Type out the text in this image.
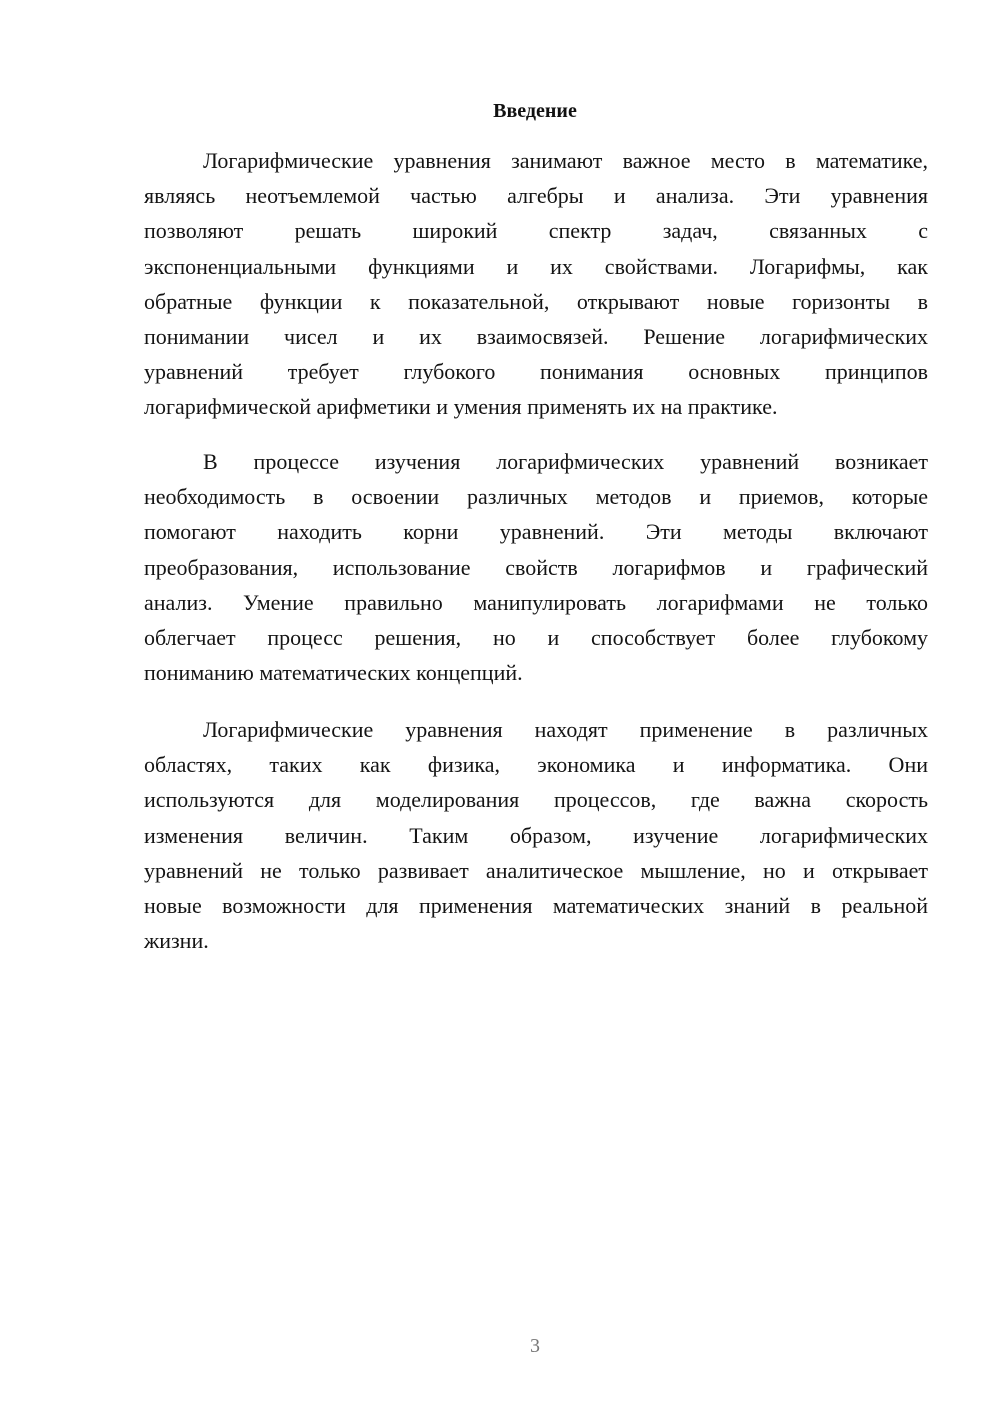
Введение
Логарифмические уравнения занимают важное место в математике,
являясь неотъемлемой частью алгебры и анализа. Эти уравнения
позволяют решать широкий спектр задач, связанных с
экспоненциальными функциями и их свойствами. Логарифмы, как
обратные функции к показательной, открывают новые горизонты в
понимании чисел и их взаимосвязей. Решение логарифмических
уравнений требует глубокого понимания основных принципов
логарифмической арифметики и умения применять их на практике.
В процессе изучения логарифмических уравнений возникает
необходимость в освоении различных методов и приемов, которые
помогают находить корни уравнений. Эти методы включают
преобразования, использование свойств логарифмов и графический
анализ. Умение правильно манипулировать логарифмами не только
облегчает процесс решения, но и способствует более глубокому
пониманию математических концепций.
Логарифмические уравнения находят применение в различных
областях, таких как физика, экономика и информатика. Они
используются для моделирования процессов, где важна скорость
изменения величин. Таким образом, изучение логарифмических
уравнений не только развивает аналитическое мышление, но и открывает
новые возможности для применения математических знаний в реальной
жизни.
3
